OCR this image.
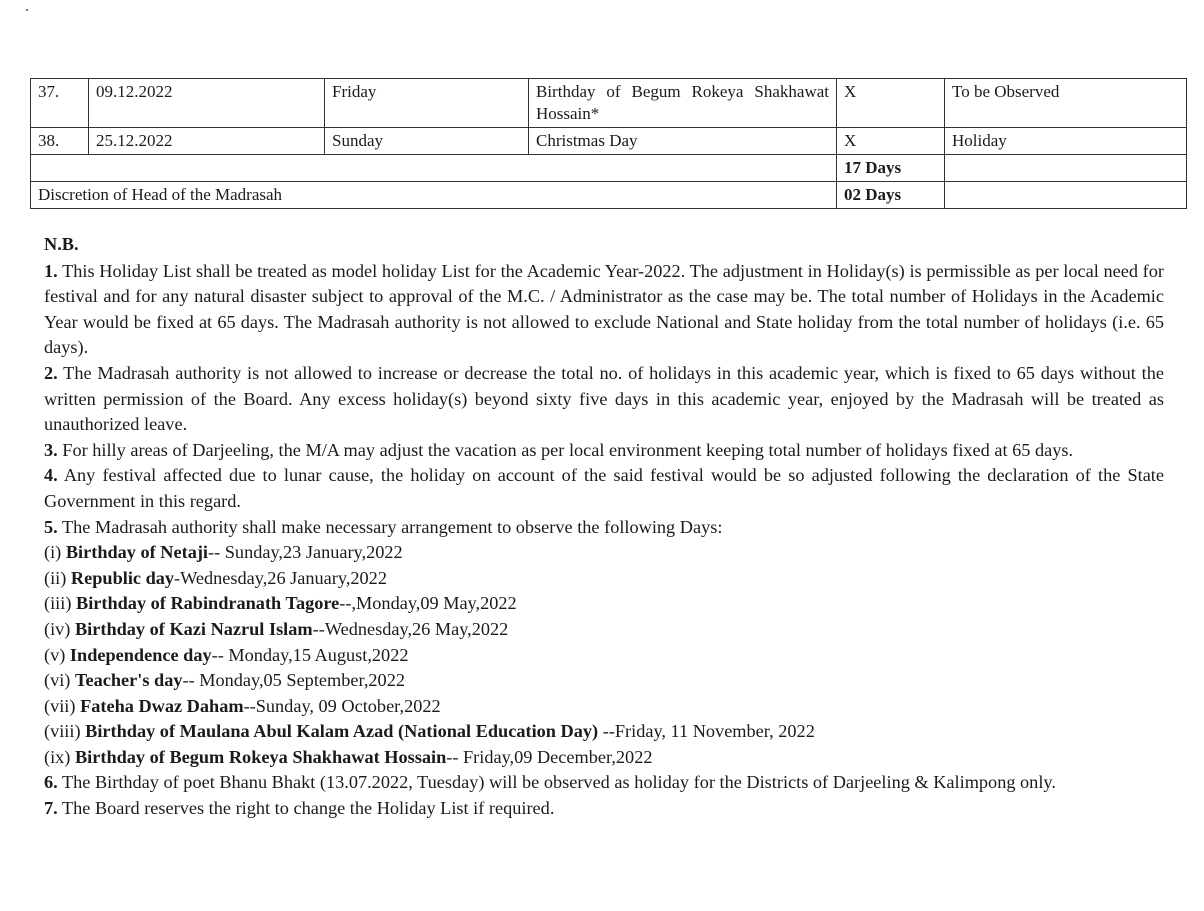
37.	09.12.2022	Friday	Birthday of Begum Rokeya Shakhawat Hossain*	X	To be Observed
38.	25.12.2022	Sunday	Christmas Day	X	Holiday
				17 Days	
Discretion of Head of the Madrasah				02 Days	

N.B.

1. This Holiday List shall be treated as model holiday List for the Academic Year-2022. The adjustment in Holiday(s) is permissible as per local need for festival and for any natural disaster subject to approval of the M.C. / Administrator as the case may be. The total number of Holidays in the Academic Year would be fixed at 65 days. The Madrasah authority is not allowed to exclude National and State holiday from the total number of holidays (i.e. 65 days).

2. The Madrasah authority is not allowed to increase or decrease the total no. of holidays in this academic year, which is fixed to 65 days without the written permission of the Board. Any excess holiday(s) beyond sixty five days in this academic year, enjoyed by the Madrasah will be treated as unauthorized leave.

3. For hilly areas of Darjeeling, the M/A may adjust the vacation as per local environment keeping total number of holidays fixed at 65 days.

4. Any festival affected due to lunar cause, the holiday on account of the said festival would be so adjusted following the declaration of the State Government in this regard.

5. The Madrasah authority shall make necessary arrangement to observe the following Days:

(i) Birthday of Netaji-- Sunday,23 January,2022

(ii) Republic day-Wednesday,26 January,2022

(iii) Birthday of Rabindranath Tagore--,Monday,09 May,2022

(iv) Birthday of Kazi Nazrul Islam--Wednesday,26 May,2022

(v) Independence day-- Monday,15 August,2022

(vi) Teacher's day-- Monday,05 September,2022

(vii) Fateha Dwaz Daham--Sunday, 09 October,2022

(viii) Birthday of Maulana Abul Kalam Azad (National Education Day) --Friday, 11 November, 2022

(ix) Birthday of Begum Rokeya Shakhawat Hossain-- Friday,09 December,2022

6. The Birthday of poet Bhanu Bhakt (13.07.2022, Tuesday) will be observed as holiday for the Districts of Darjeeling & Kalimpong only.

7. The Board reserves the right to change the Holiday List if required.
